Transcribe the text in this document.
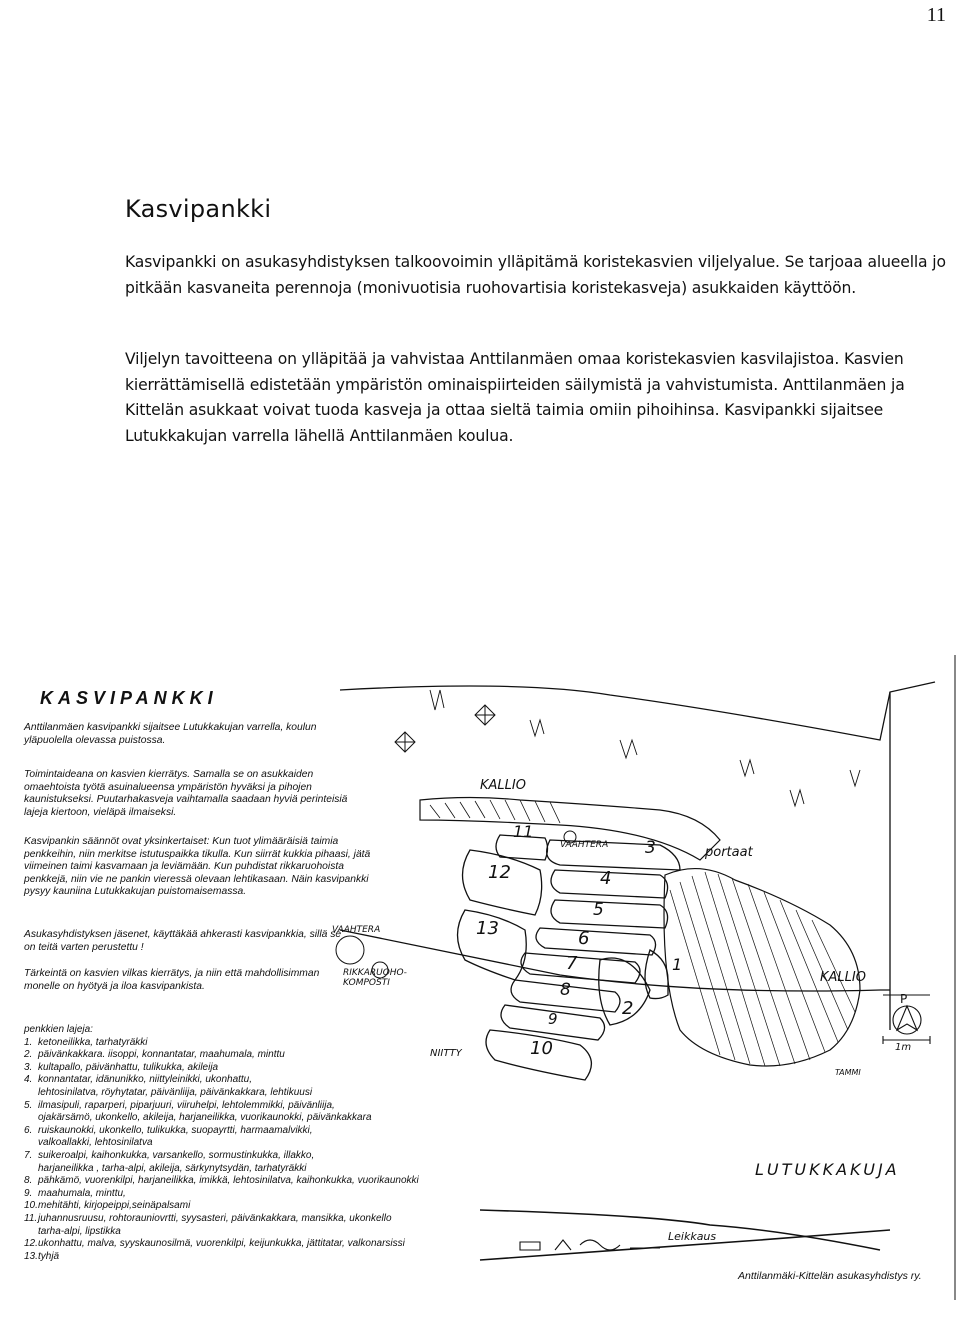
11
Kasvipankki

Kasvipankki on asukasyhdistyksen talkoovoimin ylläpitämä koristekasvien viljelyalue. Se tarjoaa alueella jo pitkään kasvaneita perennoja (monivuotisia ruohovartisia koristekasveja) asukkaiden käyttöön.

Viljelyn tavoitteena on ylläpitää ja vahvistaa Anttilanmäen omaa koristekasvien kasvilajistoa. Kasvien kierrättämisellä edistetään ympäristön ominaispiirteiden säilymistä ja vahvistumista. Anttilanmäen ja Kittelän asukkaat voivat tuoda kasveja ja ottaa sieltä taimia omiin pihoihinsa. Kasvipankki sijaitsee Lutukkakujan varrella lähellä Anttilanmäen koulua.

KASVIPANKKI
Anttilanmäen kasvipankki sijaitsee Lutukkakujan varrella, koulun yläpuolella olevassa puistossa.
Toimintaideana on kasvien kierrätys. Samalla se on asukkaiden omaehtoista työtä asuinalueensa ympäristön hyväksi ja pihojen kaunistukseksi. Puutarhakasveja vaihtamalla saadaan hyviä perinteisiä lajeja kiertoon, vieläpä ilmaiseksi.
Kasvipankin säännöt ovat yksinkertaiset: Kun tuot ylimääräisiä taimia penkkeihin, niin merkitse istutuspaikka tikulla. Kun siirrät kukkia pihaasi, jätä viimeinen taimi kasvamaan ja leviämään. Kun puhdistat rikkaruohoista penkkejä, niin vie ne pankin vieressä olevaan lehtikasaan. Näin kasvipankki pysyy kauniina Lutukkakujan puistomaisemassa.
Asukasyhdistyksen jäsenet, käyttäkää ahkerasti kasvipankkia, sillä se on teitä varten perustettu !
Tärkeintä on kasvien vilkas kierrätys, ja niin että mahdollisimman monelle on hyötyä ja iloa kasvipankista.
penkkien lajeja:
1. ketoneilikka, tarhatyräkki
2. päivänkakkara. iisoppi, konnantatar, maahumala, minttu
3. kultapallo, päivänhattu, tulikukka, akileija
4. konnantatar, idänunikko, niittyleinikki, ukonhattu,
lehtosinilatva, röyhytatar, päivänliija, päivänkakkara, lehtikuusi
5. ilmasipuli, raparperi, piparjuuri, viiruhelpi, lehtolemmikki, päivänliija,
ojakärsämö, ukonkello, akileija, harjaneilikka, vuorikaunokki, päivänkakkara
6. ruiskaunokki, ukonkello, tulikukka, suopayrtti, harmaamalvikki,
valkoallakki, lehtosinilatva
7. suikeroalpi, kaihonkukka, varsankello, sormustinkukka, illakko,
harjaneilikka , tarha-alpi, akileija, särkynytsydän, tarhatyräkki
8. pähkämö, vuorenkilpi, harjaneilikka, imikkä, lehtosinilatva, kaihonkukka, vuorikaunokki
9. maahumala, minttu,
10. mehitähti, kirjopeippi,seinäpalsami
11. juhannusruusu, rohtorauniovrtti, syysasteri, päivänkakkara, mansikka, ukonkello
tarha-alpi, lipstikka
12. ukonhattu, malva, syyskaunosilmä, vuorenkilpi, keijunkukka, jättitatar, valkonarsissi
13. tyhjä
KALLIO
KALLIO
VAAHTERA
VAAHTERA
portaat
RIKKARUOHO-KOMPOSTI
NIITTY
LUTUKKAKUJA
Leikkaus
TAMMI
P
1m
1
2
3
4
5
6
7
8
9
10
11
12
13
Anttilanmäki-Kittelän asukasyhdistys ry.
